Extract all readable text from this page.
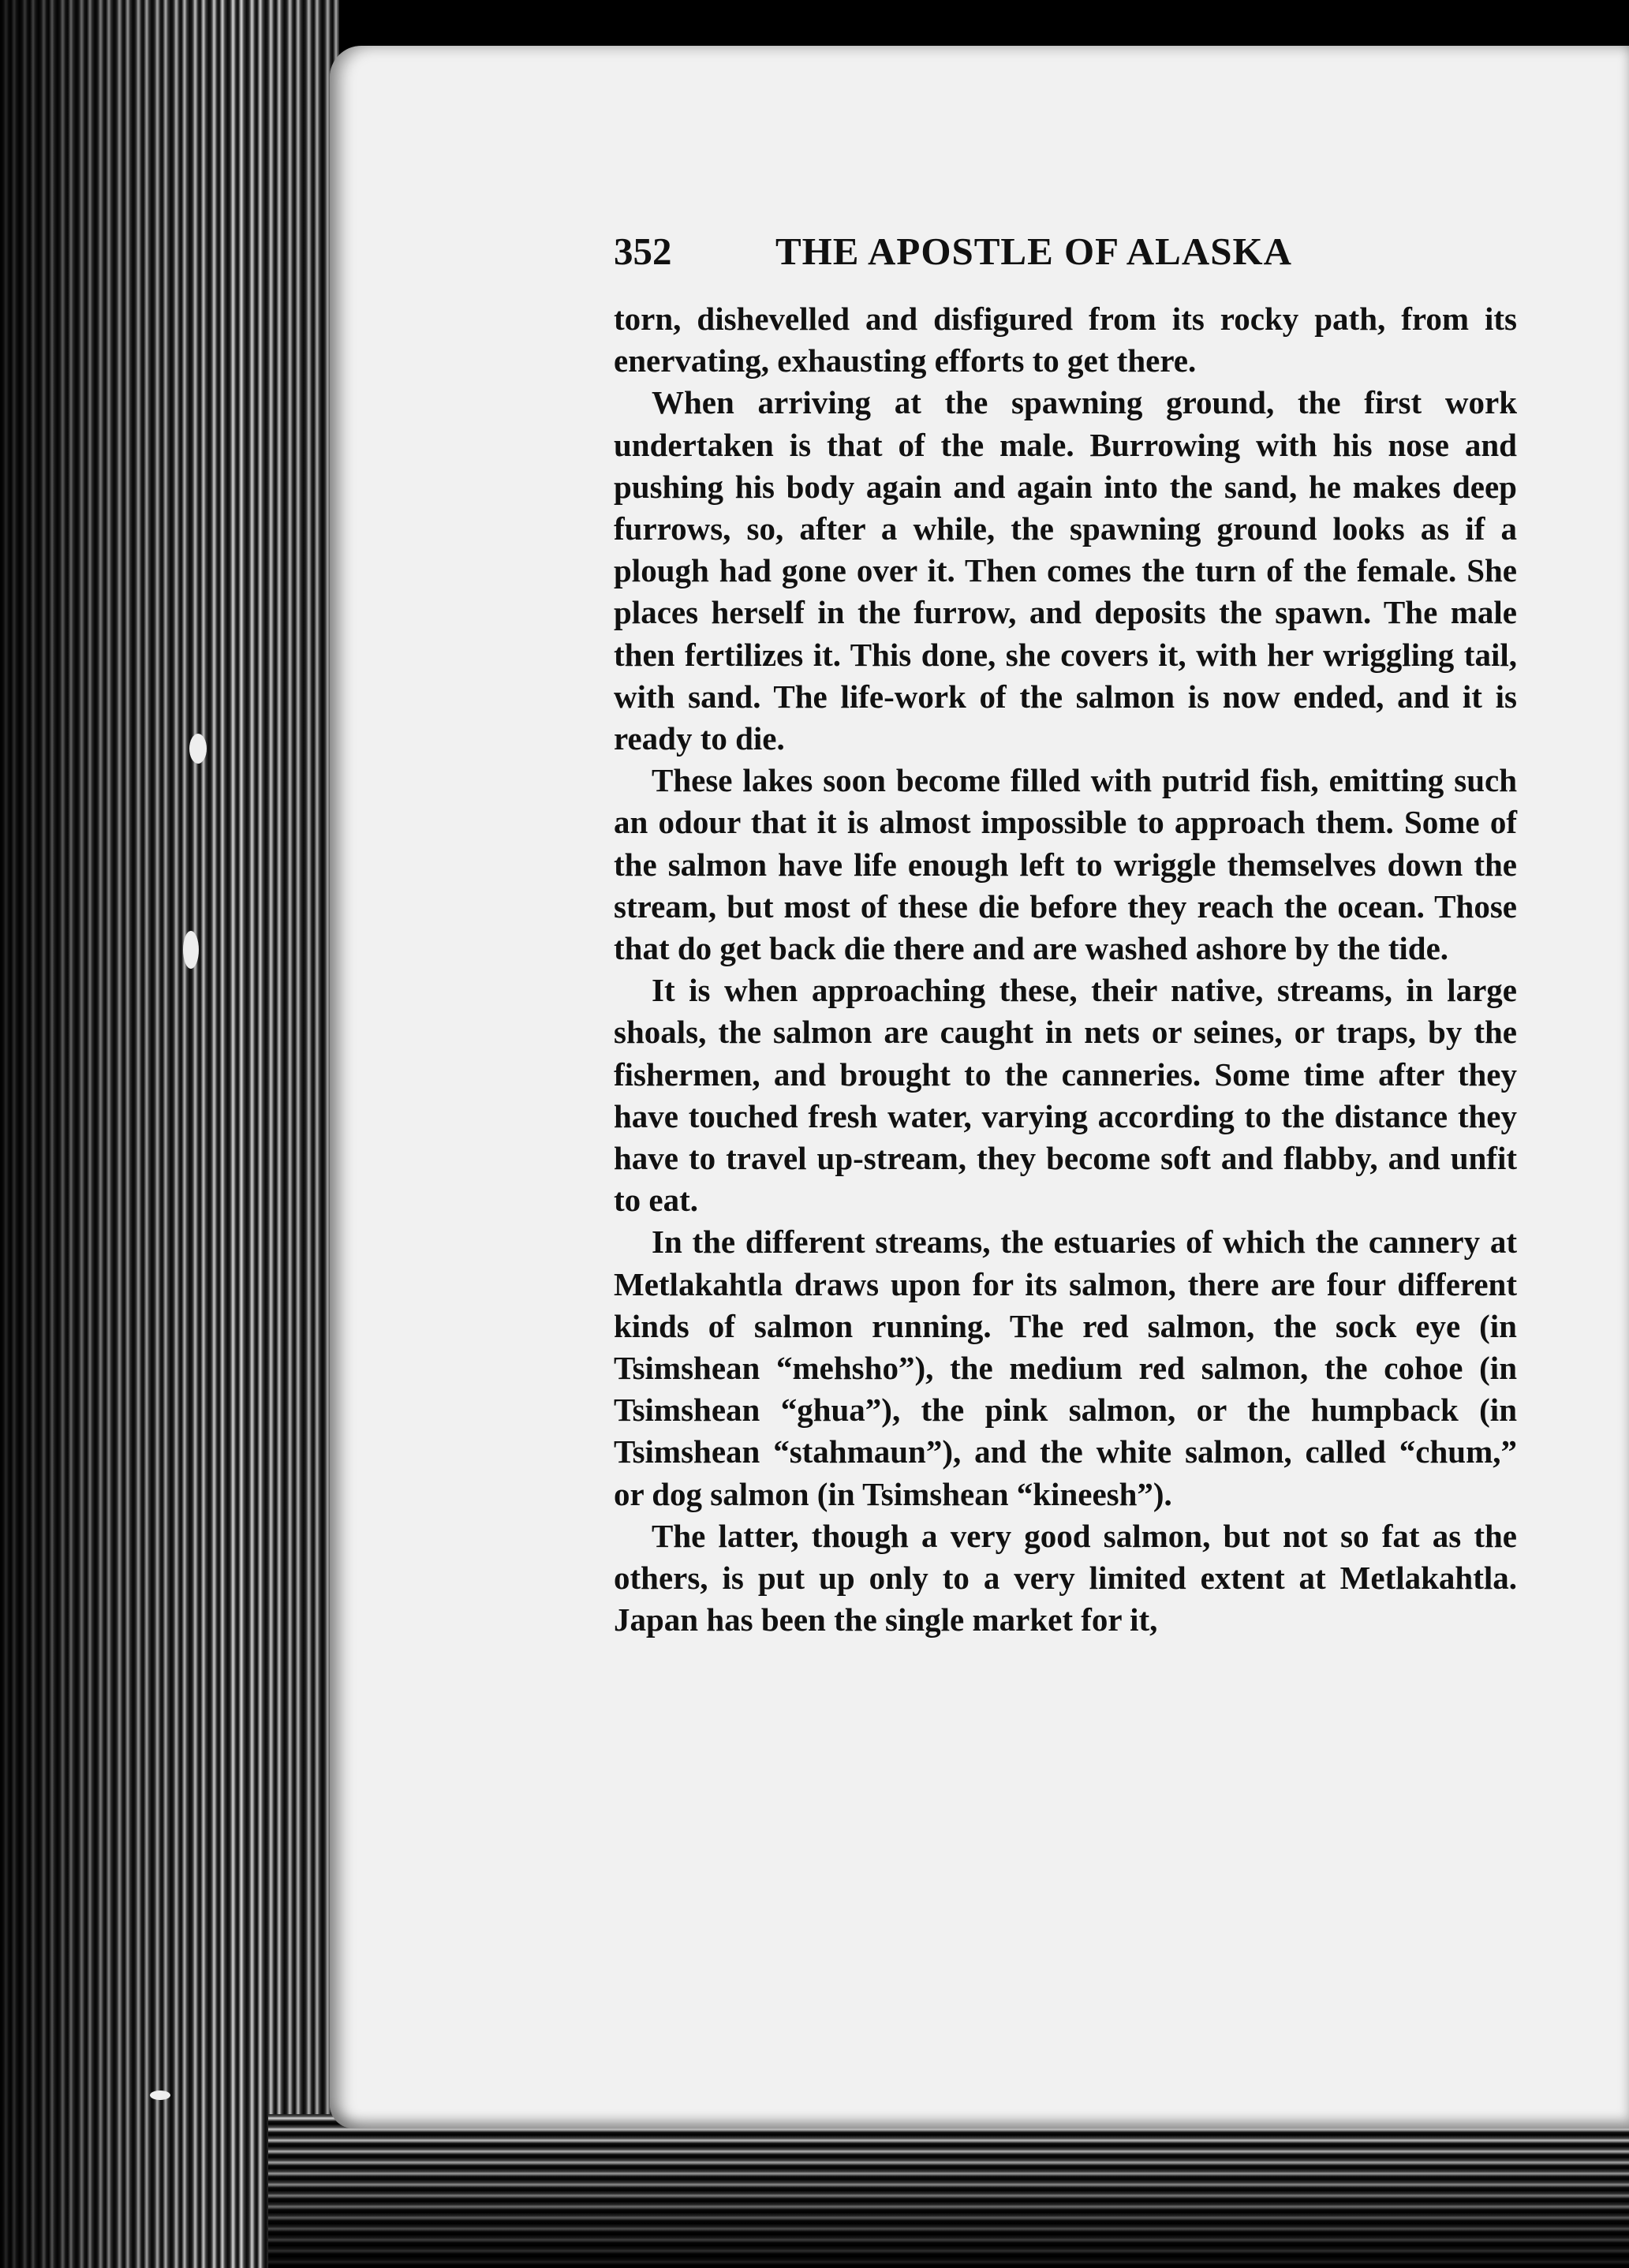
352	THE APOSTLE OF ALASKA

torn, dishevelled and disfigured from its rocky path, from its enervating, exhausting efforts to get there.

When arriving at the spawning ground, the first work undertaken is that of the male. Burrowing with his nose and pushing his body again and again into the sand, he makes deep furrows, so, after a while, the spawning ground looks as if a plough had gone over it. Then comes the turn of the female. She places herself in the furrow, and deposits the spawn. The male then fertilizes it. This done, she covers it, with her wriggling tail, with sand. The life-work of the salmon is now ended, and it is ready to die.

These lakes soon become filled with putrid fish, emitting such an odour that it is almost impossible to approach them. Some of the salmon have life enough left to wriggle themselves down the stream, but most of these die before they reach the ocean. Those that do get back die there and are washed ashore by the tide.

It is when approaching these, their native, streams, in large shoals, the salmon are caught in nets or seines, or traps, by the fishermen, and brought to the canneries. Some time after they have touched fresh water, varying according to the distance they have to travel up-stream, they become soft and flabby, and unfit to eat.

In the different streams, the estuaries of which the cannery at Metlakahtla draws upon for its salmon, there are four different kinds of salmon running. The red salmon, the sock eye (in Tsimshean “mehsho”), the medium red salmon, the cohoe (in Tsimshean “ghua”), the pink salmon, or the humpback (in Tsimshean “stahmaun”), and the white salmon, called “chum,” or dog salmon (in Tsimshean “kineesh”).

The latter, though a very good salmon, but not so fat as the others, is put up only to a very limited extent at Metlakahtla. Japan has been the single market for it,
